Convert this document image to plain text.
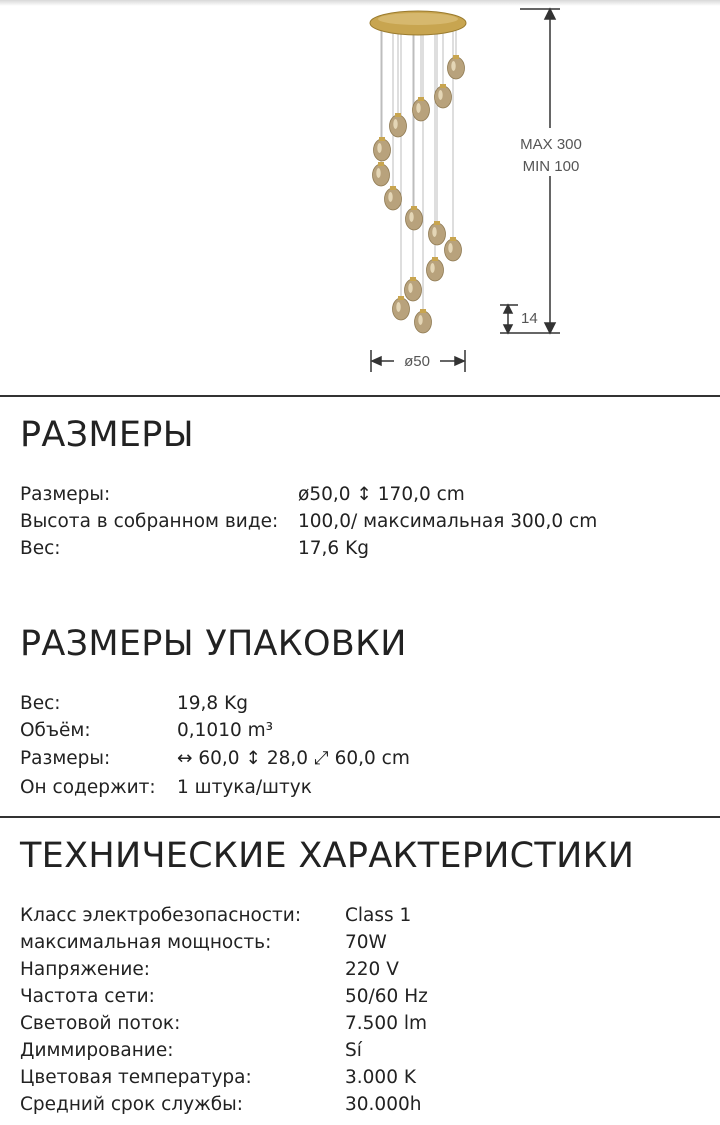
MAX 300
MIN 100
14
ø50
РАЗМЕРЫ
Размеры:	ø50,0 ↕ 170,0 cm
Высота в собранном виде:	100,0/ максимальная 300,0 cm
Вес:	17,6 Kg
РАЗМЕРЫ УПАКОВКИ
Вес:	19,8 Kg
Объём:	0,1010 m³
Размеры:	↔ 60,0 ↕ 28,0 ⤢ 60,0 cm
Он содержит:	1 штука/штук
ТЕХНИЧЕСКИЕ ХАРАКТЕРИСТИКИ
Класс электробезопасности:	Class 1
максимальная мощность:	70W
Напряжение:	220 V
Частота сети:	50/60 Hz
Световой поток:	7.500 lm
Диммирование:	Sí
Цветовая температура:	3.000 K
Средний срок службы:	30.000h
